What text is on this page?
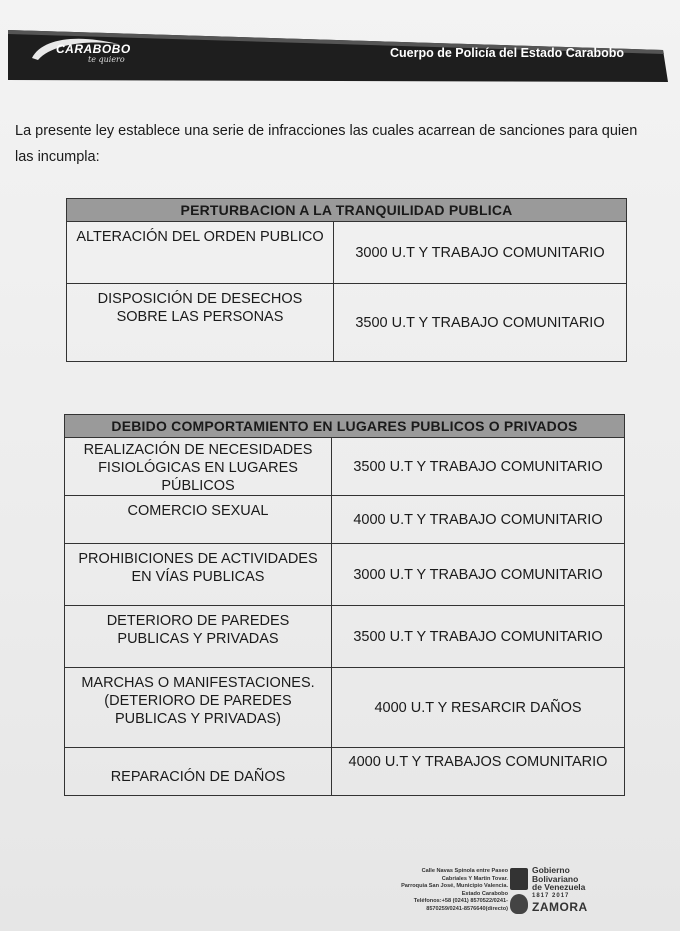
CARABOBO
te quiero	Cuerpo de Policía del Estado Carabobo
La presente ley establece una serie de infracciones las cuales acarrean de sanciones para quien las incumpla:
PERTURBACION A LA TRANQUILIDAD PUBLICA	

ALTERACIÓN DEL ORDEN PUBLICO	3000 U.T Y TRABAJO COMUNITARIO

DISPOSICIÓN DE DESECHOS SOBRE LAS PERSONAS	3500 U.T Y TRABAJO COMUNITARIO
DEBIDO COMPORTAMIENTO EN LUGARES PUBLICOS O PRIVADOS	

REALIZACIÓN DE NECESIDADES FISIOLÓGICAS EN LUGARES PÚBLICOS	3500 U.T Y TRABAJO COMUNITARIO

COMERCIO SEXUAL	4000 U.T Y TRABAJO COMUNITARIO

PROHIBICIONES DE ACTIVIDADES EN VÍAS PUBLICAS	3000 U.T Y TRABAJO COMUNITARIO

DETERIORO DE PAREDES PUBLICAS Y PRIVADAS	3500 U.T Y TRABAJO COMUNITARIO

MARCHAS O MANIFESTACIONES. (DETERIORO DE PAREDES PUBLICAS Y PRIVADAS)	4000 U.T Y RESARCIR DAÑOS

REPARACIÓN DE DAÑOS	4000 U.T Y TRABAJOS COMUNITARIO
Calle Navas Spinola entre Paseo
Cabriales Y Martin Tovar.
Parroquia San José, Municipio Valencia.
Estado Carabobo
Teléfonos:+58 (0241) 8570522/0241-
8570259/0241-8576640(directo)
Gobierno
Bolivariano
de Venezuela
1817 2017
ZAMORA
